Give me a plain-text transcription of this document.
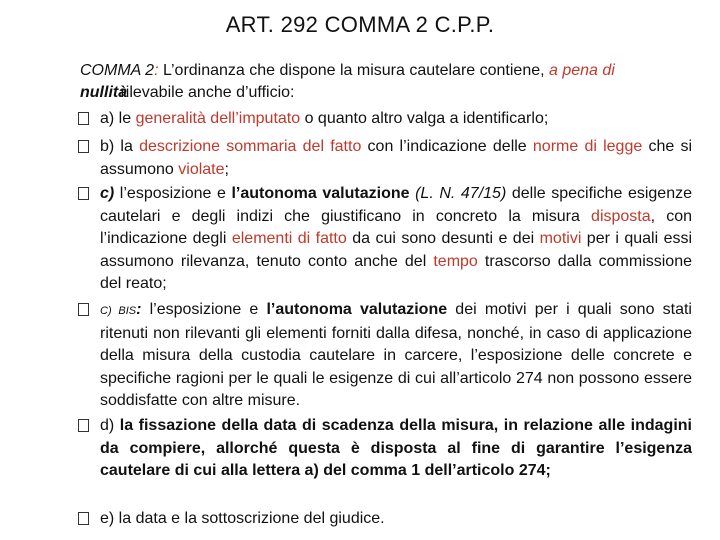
ART. 292 COMMA 2 C.P.P.
COMMA 2: L’ordinanza che dispone la misura cautelare contiene, a pena di
nullità rilevabile anche d’ufficio:
a) le generalità dell’imputato o quanto altro valga a identificarlo;
b) la descrizione sommaria del fatto con l’indicazione delle norme di legge che si assumono violate;
c) l’esposizione e l’autonoma valutazione (L. N. 47/15) delle specifiche esigenze cautelari e degli indizi che giustificano in concreto la misura disposta, con l’indicazione degli elementi di fatto da cui sono desunti e dei motivi per i quali essi assumono rilevanza, tenuto conto anche del tempo trascorso dalla commissione del reato;
C) BIS: l’esposizione e l’autonoma valutazione dei motivi per i quali sono stati ritenuti non rilevanti gli elementi forniti dalla difesa, nonché, in caso di applicazione della misura della custodia cautelare in carcere, l’esposizione delle concrete e specifiche ragioni per le quali le esigenze di cui all’articolo 274 non possono essere soddisfatte con altre misure.
d) la fissazione della data di scadenza della misura, in relazione alle indagini da compiere, allorché questa è disposta al fine di garantire l’esigenza cautelare di cui alla lettera a) del comma 1 dell’articolo 274;
e) la data e la sottoscrizione del giudice.
